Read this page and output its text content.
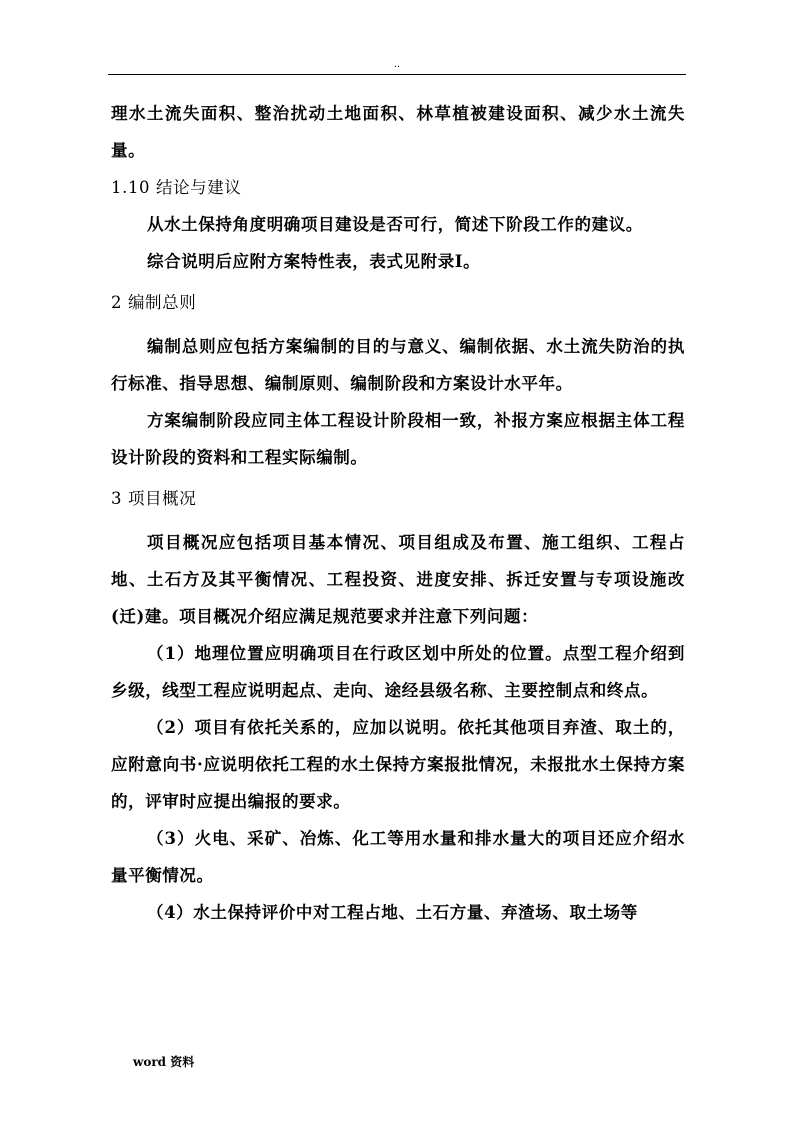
..

理水土流失面积、整治扰动土地面积、林草植被建设面积、减少水土流失量。

1.10 结论与建议

从水土保持角度明确项目建设是否可行，简述下阶段工作的建议。

综合说明后应附方案特性表，表式见附录Ⅰ。

2 编制总则

编制总则应包括方案编制的目的与意义、编制依据、水土流失防治的执行标准、指导思想、编制原则、编制阶段和方案设计水平年。

方案编制阶段应同主体工程设计阶段相一致，补报方案应根据主体工程设计阶段的资料和工程实际编制。

3 项目概况

项目概况应包括项目基本情况、项目组成及布置、施工组织、工程占地、土石方及其平衡情况、工程投资、进度安排、拆迁安置与专项设施改(迁)建。项目概况介绍应满足规范要求并注意下列问题：

（1）地理位置应明确项目在行政区划中所处的位置。点型工程介绍到乡级，线型工程应说明起点、走向、途经县级名称、主要控制点和终点。

（2）项目有依托关系的，应加以说明。依托其他项目弃渣、取土的，应附意向书·应说明依托工程的水土保持方案报批情况，未报批水土保持方案的，评审时应提出编报的要求。

（3）火电、采矿、冶炼、化工等用水量和排水量大的项目还应介绍水量平衡情况。

（4）水土保持评价中对工程占地、土石方量、弃渣场、取土场等

word 资料
